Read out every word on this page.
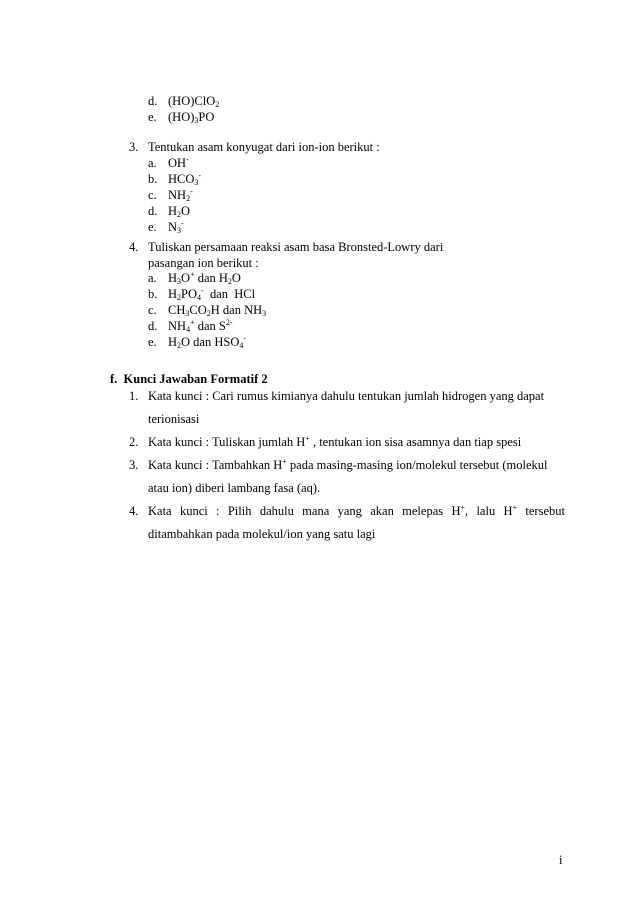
d. (HO)ClO$_2$
e. $(HO)_3PO$
3. Tentukan asam konyugat dari ion-ion berikut :
a. OH-
b. $HCO_3^-$
c. $NH_2^-$
d. $H_2O$
e. $N_3^-$
4. Tuliskan persamaan reaksi asam basa Bronsted-Lowry dari
pasangan ion berikut :
a. $H_3O^+$ dan $H_2O$
b. $H_2PO_4^-$  dan  HCl
c. $CH_3CO_2H$ dan $NH_3$
d. $NH_4^+$ dan $S^{2-}$
e. $H_2O$ dan $HSO_4^-$
f.  Kunci Jawaban Formatif 2
1. Kata kunci : Cari rumus kimianya dahulu tentukan jumlah hidrogen yang dapat
terionisasi
2. Kata kunci : Tuliskan jumlah H+ , tentukan ion sisa asamnya dan tiap spesi
3. Kata kunci : Tambahkan H+ pada masing-masing ion/molekul tersebut (molekul
atau ion) diberi lambang fasa (aq).
4. Kata kunci : Pilih dahulu mana yang akan melepas H+, lalu H+ tersebut
ditambahkan pada molekul/ion yang satu lagi
i
